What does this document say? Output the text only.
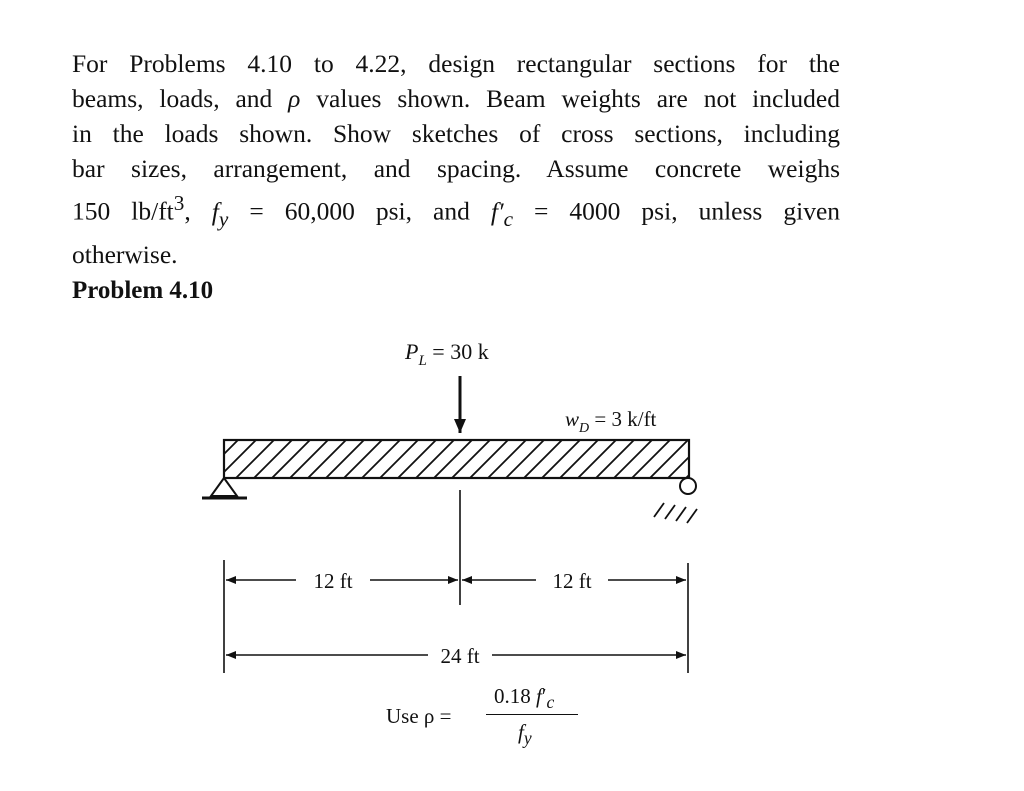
For Problems 4.10 to 4.22, design rectangular sections for the
beams, loads, and ρ values shown. Beam weights are not included
in the loads shown. Show sketches of cross sections, including
bar sizes, arrangement, and spacing. Assume concrete weighs
150 $lb/ft^3$, $f_y = 60,000$ psi, and $f'_c = 4000$ psi, unless given
otherwise.

Problem 4.10
$P_L = 30$ k
$w_D = 3$ k/ft
12 ft	12 ft
24 ft
Use ρ =
0.18 $f'_c$
$f_y$
